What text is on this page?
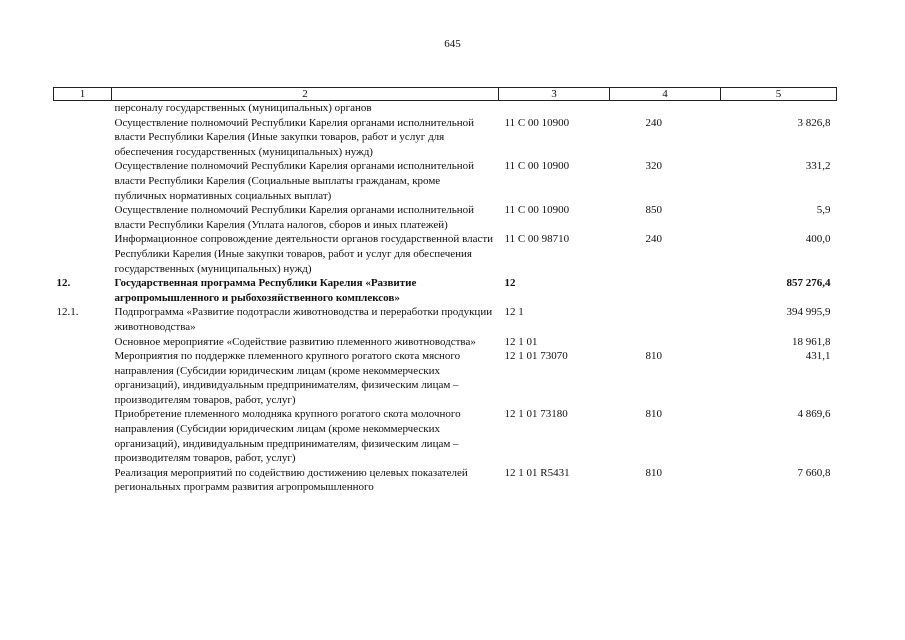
645
1	2	3	4	5
	персоналу государственных (муниципальных) органов			
	Осуществление полномочий Республики Карелия органами исполнительной власти Республики Карелия (Иные закупки товаров, работ и услуг для обеспечения государственных (муниципальных) нужд)	11 С 00 10900	240	3 826,8
	Осуществление полномочий Республики Карелия органами исполнительной власти Республики Карелия (Социальные выплаты гражданам, кроме публичных нормативных социальных выплат)	11 С 00 10900	320	331,2
	Осуществление полномочий Республики Карелия органами исполнительной власти Республики Карелия (Уплата налогов, сборов и иных платежей)	11 С 00 10900	850	5,9
	Информационное сопровождение деятельности органов государственной власти Республики Карелия (Иные закупки товаров, работ и услуг для обеспечения государственных (муниципальных) нужд)	11 С 00 98710	240	400,0
12.	Государственная программа Республики Карелия «Развитие агропромышленного и рыбохозяйственного комплексов»	12		857 276,4
12.1.	Подпрограмма «Развитие подотрасли животноводства и переработки продукции животноводства»	12 1		394 995,9
	Основное мероприятие «Содействие развитию племенного животноводства»	12 1 01		18 961,8
	Мероприятия по поддержке племенного крупного рогатого скота мясного направления (Субсидии юридическим лицам (кроме некоммерческих организаций), индивидуальным предпринимателям, физическим лицам – производителям товаров, работ, услуг)	12 1 01 73070	810	431,1
	Приобретение племенного молодняка крупного рогатого скота молочного направления (Субсидии юридическим лицам (кроме некоммерческих организаций), индивидуальным предпринимателям, физическим лицам – производителям товаров, работ, услуг)	12 1 01 73180	810	4 869,6
	Реализация мероприятий по содействию достижению целевых показателей региональных программ развития агропромышленного	12 1 01 R5431	810	7 660,8
